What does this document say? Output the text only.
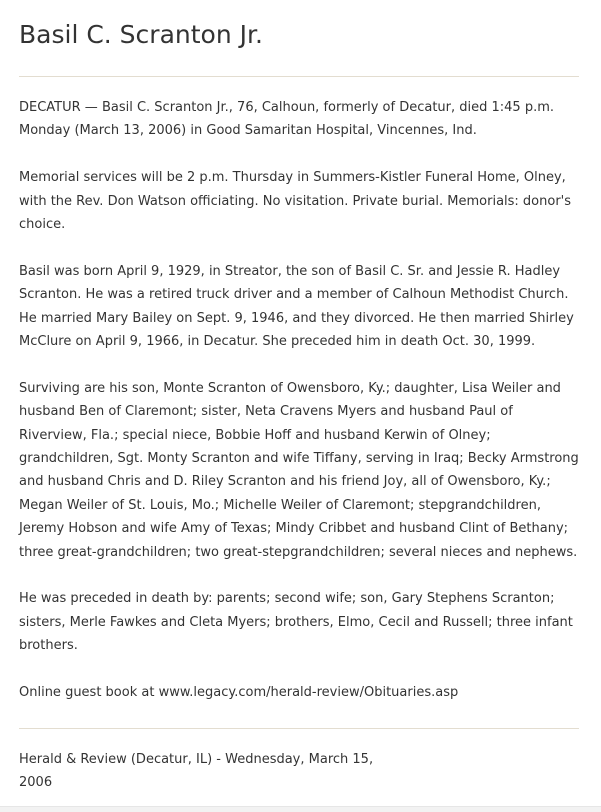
Basil C. Scranton Jr.

DECATUR — Basil C. Scranton Jr., 76, Calhoun, formerly of Decatur, died 1:45 p.m. Monday (March 13, 2006) in Good Samaritan Hospital, Vincennes, Ind.

Memorial services will be 2 p.m. Thursday in Summers-Kistler Funeral Home, Olney, with the Rev. Don Watson officiating. No visitation. Private burial. Memorials: donor's choice.

Basil was born April 9, 1929, in Streator, the son of Basil C. Sr. and Jessie R. Hadley Scranton. He was a retired truck driver and a member of Calhoun Methodist Church. He married Mary Bailey on Sept. 9, 1946, and they divorced. He then married Shirley McClure on April 9, 1966, in Decatur. She preceded him in death Oct. 30, 1999.

Surviving are his son, Monte Scranton of Owensboro, Ky.; daughter, Lisa Weiler and husband Ben of Claremont; sister, Neta Cravens Myers and husband Paul of Riverview, Fla.; special niece, Bobbie Hoff and husband Kerwin of Olney; grandchildren, Sgt. Monty Scranton and wife Tiffany, serving in Iraq; Becky Armstrong and husband Chris and D. Riley Scranton and his friend Joy, all of Owensboro, Ky.; Megan Weiler of St. Louis, Mo.; Michelle Weiler of Claremont; stepgrandchildren, Jeremy Hobson and wife Amy of Texas; Mindy Cribbet and husband Clint of Bethany; three great-grandchildren; two great-stepgrandchildren; several nieces and nephews.

He was preceded in death by: parents; second wife; son, Gary Stephens Scranton; sisters, Merle Fawkes and Cleta Myers; brothers, Elmo, Cecil and Russell; three infant brothers.

Online guest book at www.legacy.com/herald-review/Obituaries.asp

Herald & Review (Decatur, IL) - Wednesday, March 15, 2006
